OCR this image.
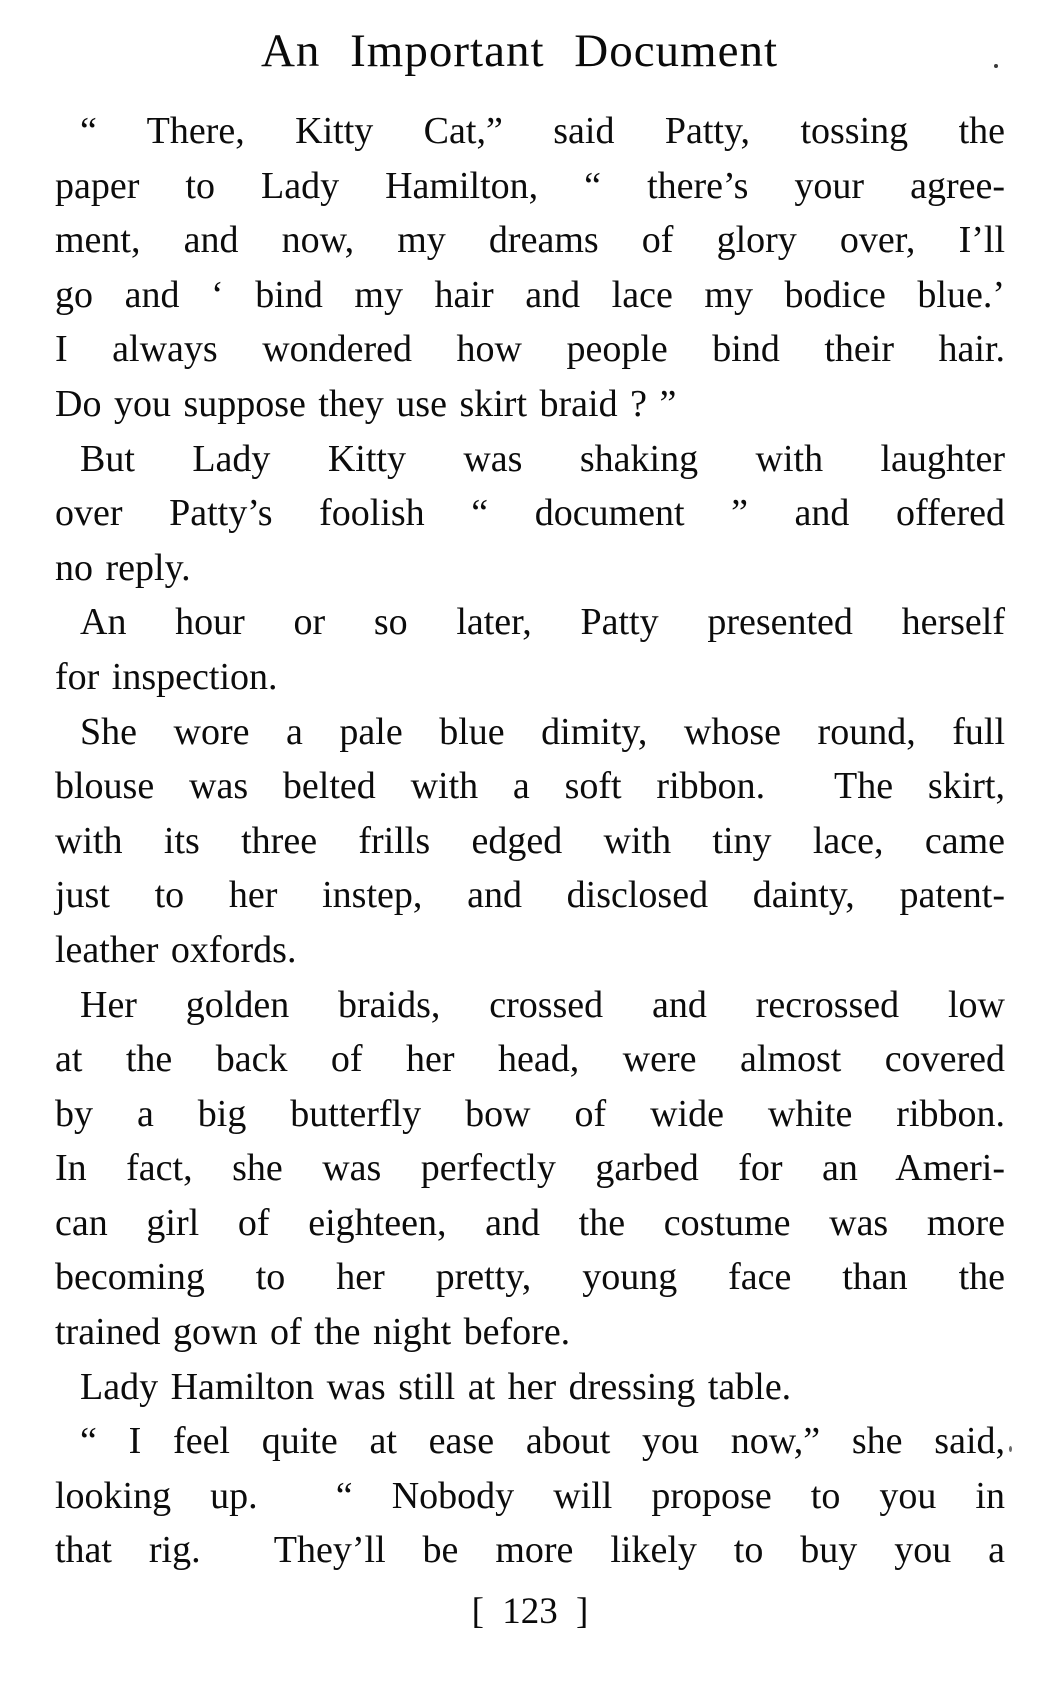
An Important Document
“ There, Kitty Cat,” said Patty, tossing the
paper to Lady Hamilton, “ there’s your agree-
ment, and now, my dreams of glory over, I’ll
go and ‘ bind my hair and lace my bodice blue.’
I always wondered how people bind their hair.
Do you suppose they use skirt braid ? ”
But Lady Kitty was shaking with laughter
over Patty’s foolish “ document ” and offered
no reply.
An hour or so later, Patty presented herself
for inspection.
She wore a pale blue dimity, whose round, full
blouse was belted with a soft ribbon.  The skirt,
with its three frills edged with tiny lace, came
just to her instep, and disclosed dainty, patent-
leather oxfords.
Her golden braids, crossed and recrossed low
at the back of her head, were almost covered
by a big butterfly bow of wide white ribbon.
In fact, she was perfectly garbed for an Ameri-
can girl of eighteen, and the costume was more
becoming to her pretty, young face than the
trained gown of the night before.
Lady Hamilton was still at her dressing table.
“ I feel quite at ease about you now,” she said,
looking up.  “ Nobody will propose to you in
that rig.  They’ll be more likely to buy you a
[ 123 ]
